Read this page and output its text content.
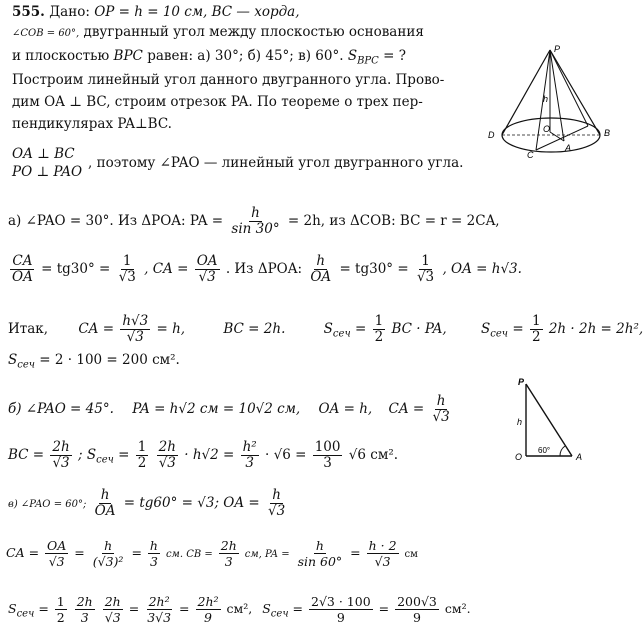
555. Дано: OP = h = 10 см, BC — хорда,
∠COB = 60°, двугранный угол между плоскостью основания
и плоскостью BPC равен: а) 30°; б) 45°; в) 60°. $S_{BPC}$ = ?
Построим линейный угол данного двугранного угла. Прово-
дим OA ⊥ BC, строим отрезок PA. По теореме о трех пер-
пендикулярах PA⊥BC.
OA ⊥ BC
PO ⊥ PAO
, поэтому ∠PAO — линейный угол двугранного угла.
а) ∠PAO = 30°. Из ΔPOA: PA = $\frac{h}{\sin 30^\circ} = 2h$, из ΔCOB: BC = r = 2CA,
$\frac{CA}{OA} = tg30^\circ = \frac{1}{√3}$ , CA = $\frac{OA}{√3}$ . Из ΔPOA: $\frac{h}{OA} = tg30^\circ = \frac{1}{√3}$ , OA = h√3.
Итак, CA = $\frac{h√3}{√3} = h$,	BC = 2h.	$S_{сеч} = \frac{1}{2}$ BC · PA,	$S_{сеч} = \frac{1}{2} 2h \cdot 2h = 2h^2$,
$S_{сеч} = 2 \cdot 100 = 200$ см².
б) ∠PAO = 45°. PA = h√2 см = 10√2 см, OA = h, CA = $\frac{h}{√3}$
BC = $\frac{2h}{√3}$ ; $S_{сеч} = \frac{1}{2}$
$\frac{2h}{√3} \cdot h√2 = \frac{\text{h²}}{3} \cdot √6 = \frac{100}{3} √6$ см².
в) ∠PAO = 60°; $\frac{h}{OA} = tg60^\circ = √3$; OA = $\frac{h}{√3}$
CA = $\frac{OA}{√3} = \frac{h}{\text{(√3)²}} = \frac{h}{3}$ см. CB = $\frac{2h}{3}$ см, PA = $\frac{h}{\sin 60^\circ} = \frac{h \cdot 2}{√3}$ см
$S_{сеч} = \frac{1}{2}$
$\frac{2h}{3}$
$\frac{2h}{√3} = \frac{\text{2h²}}{3√3} = \frac{\text{2h²}}{9} см^2$, $S_{сеч} = \frac{2√3 \cdot 100}{9} = \frac{200√3}{9} см^2$.
P
h
O
D	B
C
A
P
h
O	A
60°
